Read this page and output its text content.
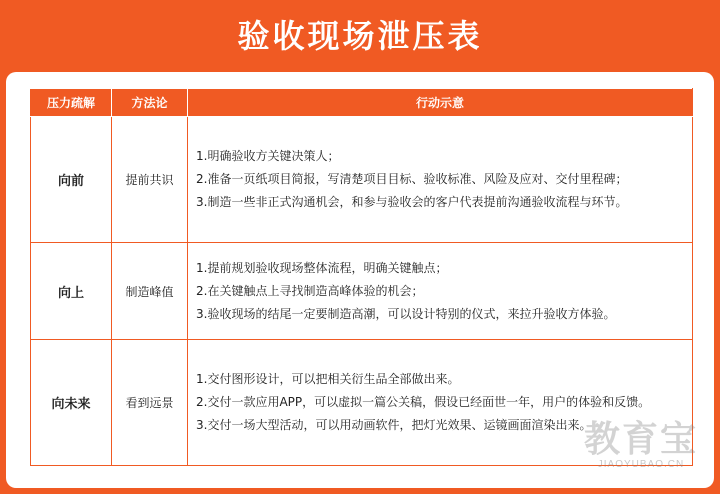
验收现场泄压表
压力疏解	方法论	行动示意
向前	提前共识	1.明确验收方关键决策人；
2.准备一页纸项目简报，写清楚项目目标、验收标准、风险及应对、交付里程碑；
3.制造一些非正式沟通机会，和参与验收会的客户代表提前沟通验收流程与环节。

向上	制造峰值	1.提前规划验收现场整体流程，明确关键触点；
2.在关键触点上寻找制造高峰体验的机会；
3.验收现场的结尾一定要制造高潮，可以设计特别的仪式，来拉升验收方体验。

向未来	看到远景	1.交付图形设计，可以把相关衍生品全部做出来。
2.交付一款应用APP，可以虚拟一篇公关稿，假设已经面世一年，用户的体验和反馈。
3.交付一场大型活动，可以用动画软件，把灯光效果、运镜画面渲染出来。
教育宝
JIAOYUBAO.CN
